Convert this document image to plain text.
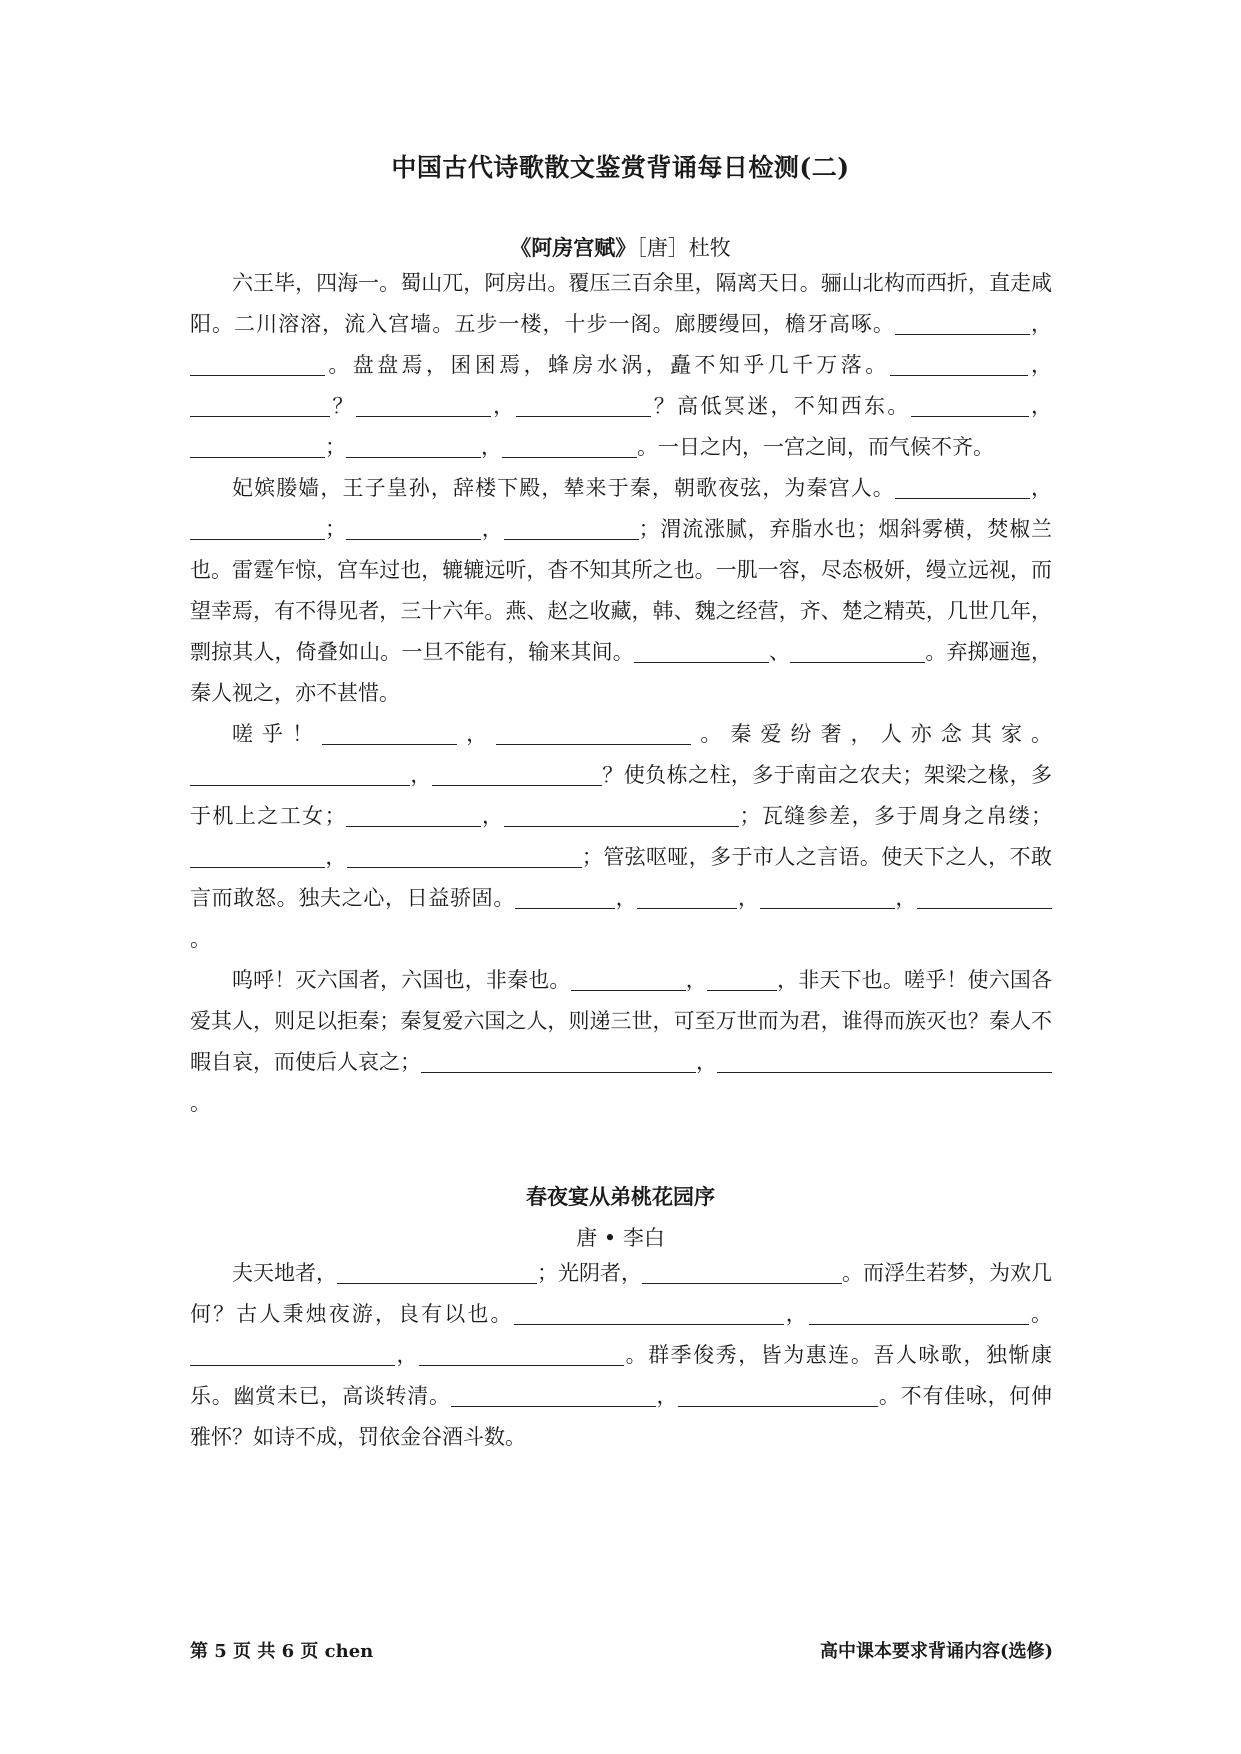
中国古代诗歌散文鉴赏背诵每日检测(二)
《阿房宫赋》［唐］杜牧

六王毕，四海一。蜀山兀，阿房出。覆压三百余里，隔离天日。骊山北构而西折，直走咸阳。二川溶溶，流入宫墙。五步一楼，十步一阁。廊腰缦回，檐牙高啄。	，。盘盘焉，囷囷焉，蜂房水涡，矗不知乎几千万落。	，？	，	？高低冥迷，不知西东。	，；	，	。一日之内，一宫之间，而气候不齐。

妃嫔媵嫱，王子皇孙，辞楼下殿，辇来于秦，朝歌夜弦，为秦宫人。	，；	，	；渭流涨腻，弃脂水也；烟斜雾横，焚椒兰也。雷霆乍惊，宫车过也，辘辘远听，杳不知其所之也。一肌一容，尽态极妍，缦立远视，而望幸焉，有不得见者，三十六年。燕、赵之收藏，韩、魏之经营，齐、楚之精英，几世几年，剽掠其人，倚叠如山。一旦不能有，输来其间。	、	。弃掷逦迤，秦人视之，亦不甚惜。

嗟乎！	，	。秦爱纷奢，人亦念其家。，	？使负栋之柱，多于南亩之农夫；架梁之椽，多于机上之工女；	，	；瓦缝参差，多于周身之帛缕；，	；管弦呕哑，多于市人之言语。使天下之人，不敢言而敢怒。独夫之心，日益骄固。	，	，	，。

呜呼！灭六国者，六国也，非秦也。	，	，非天下也。嗟乎！使六国各爱其人，则足以拒秦；秦复爱六国之人，则递三世，可至万世而为君，谁得而族灭也？秦人不暇自哀，而使后人哀之；	，。

春夜宴从弟桃花园序
唐 • 李白

夫天地者，	；光阴者，	。而浮生若梦，为欢几何？古人秉烛夜游，良有以也。	，	。，	。群季俊秀，皆为惠连。吾人咏歌，独惭康乐。幽赏未已，高谈转清。	，	。不有佳咏，何伸雅怀？如诗不成，罚依金谷酒斗数。

第 5 页 共 6 页 chen	高中课本要求背诵内容(选修)
